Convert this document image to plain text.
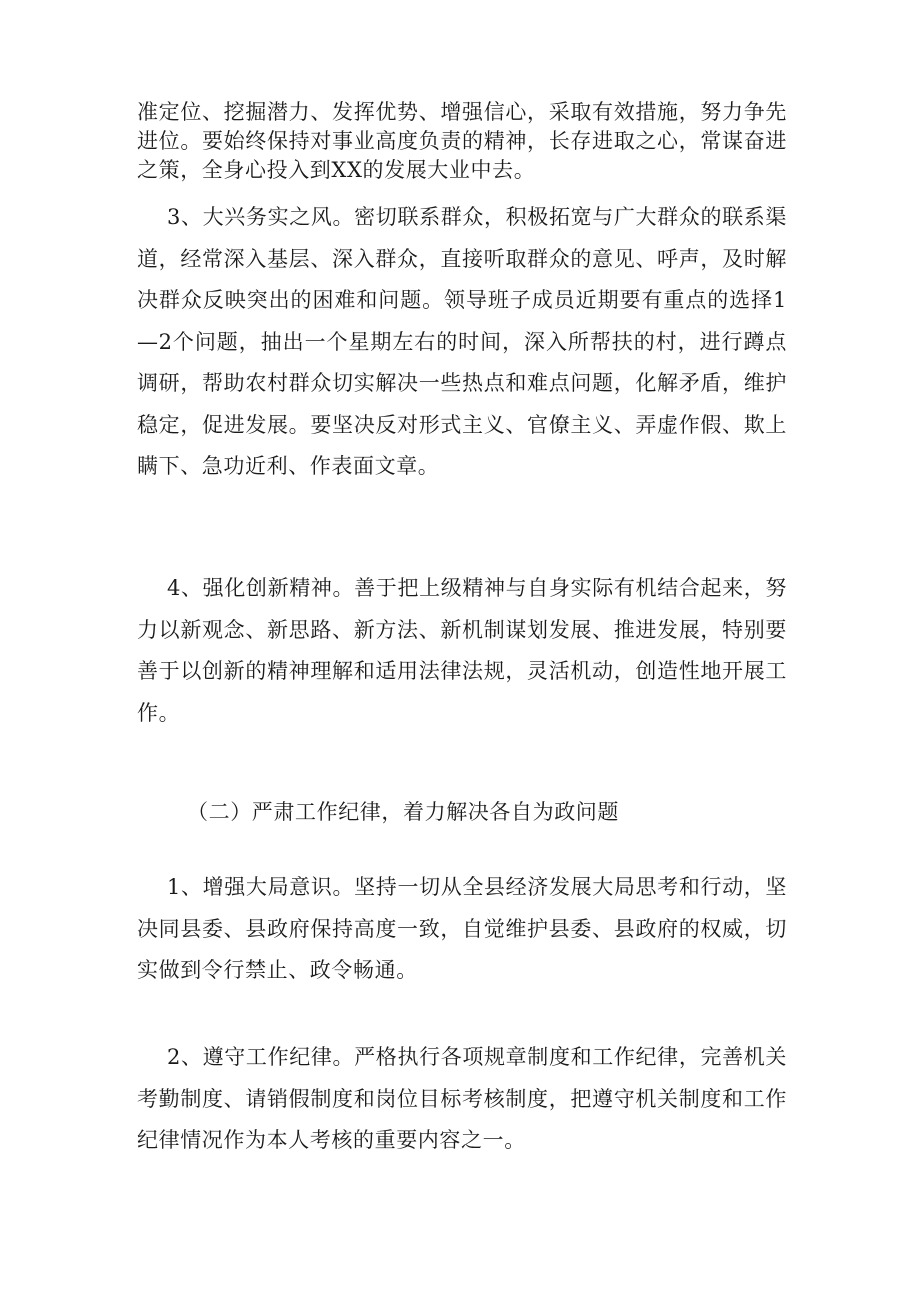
准定位、挖掘潜力、发挥优势、增强信心，采取有效措施，努力争先进位。要始终保持对事业高度负责的精神，长存进取之心，常谋奋进之策，全身心投入到XX的发展大业中去。

3、大兴务实之风。密切联系群众，积极拓宽与广大群众的联系渠道，经常深入基层、深入群众，直接听取群众的意见、呼声，及时解决群众反映突出的困难和问题。领导班子成员近期要有重点的选择1—2个问题，抽出一个星期左右的时间，深入所帮扶的村，进行蹲点调研，帮助农村群众切实解决一些热点和难点问题，化解矛盾，维护稳定，促进发展。要坚决反对形式主义、官僚主义、弄虚作假、欺上瞒下、急功近利、作表面文章。

4、强化创新精神。善于把上级精神与自身实际有机结合起来，努力以新观念、新思路、新方法、新机制谋划发展、推进发展，特别要善于以创新的精神理解和适用法律法规，灵活机动，创造性地开展工作。

（二）严肃工作纪律，着力解决各自为政问题

1、增强大局意识。坚持一切从全县经济发展大局思考和行动，坚决同县委、县政府保持高度一致，自觉维护县委、县政府的权威，切实做到令行禁止、政令畅通。

2、遵守工作纪律。严格执行各项规章制度和工作纪律，完善机关考勤制度、请销假制度和岗位目标考核制度，把遵守机关制度和工作纪律情况作为本人考核的重要内容之一。
